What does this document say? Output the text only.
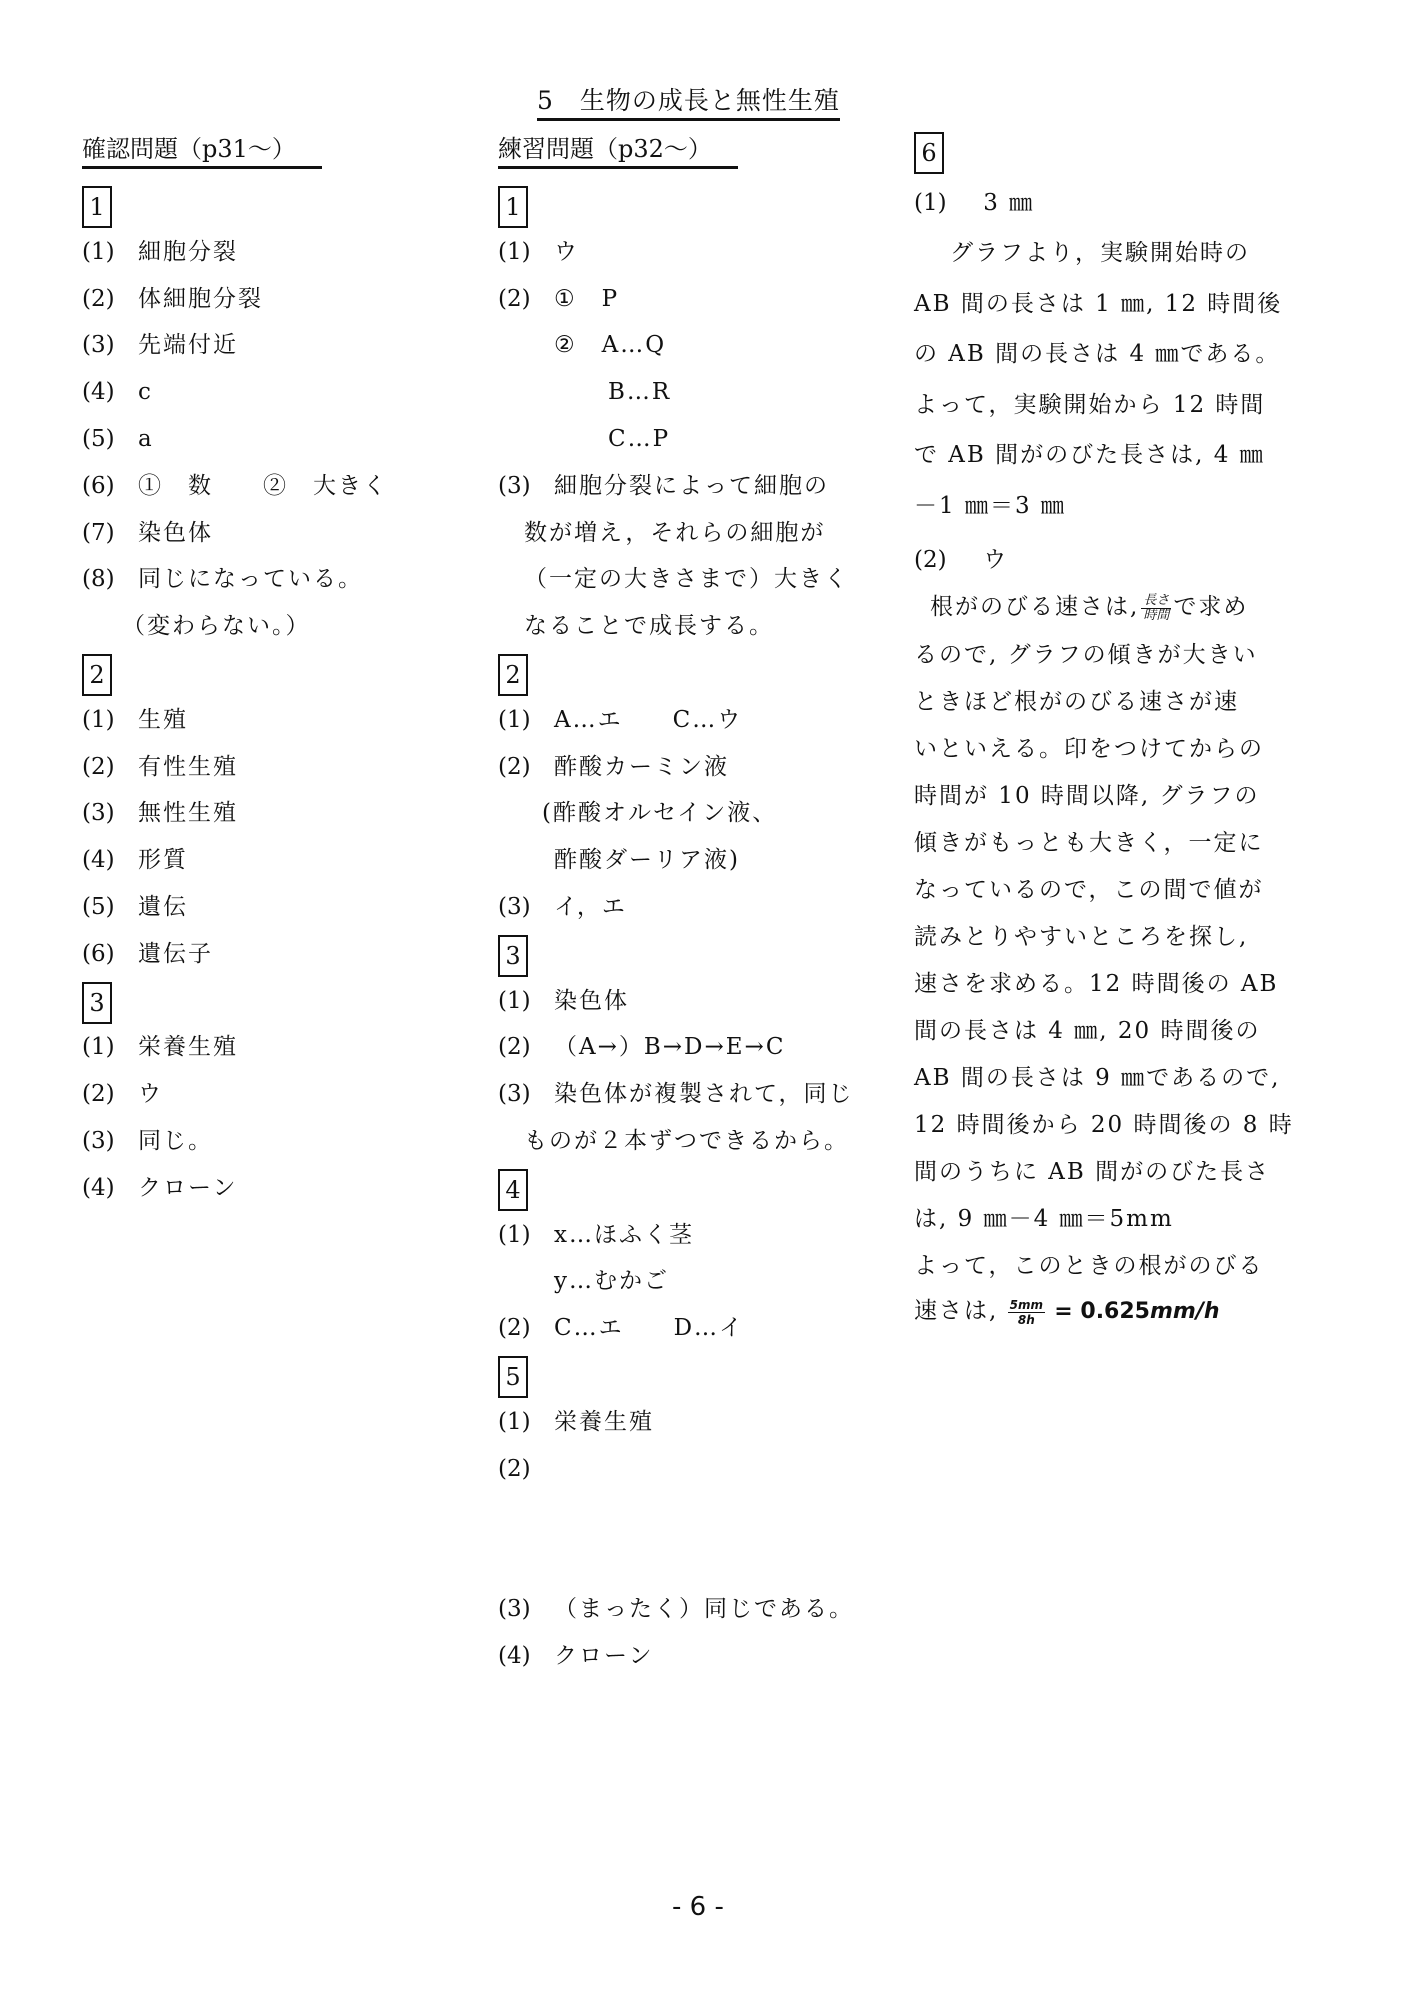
5　生物の成長と無性生殖
確認問題（p31～）
1
(1) 細胞分裂
(2) 体細胞分裂
(3) 先端付近
(4) c
(5) a
(6) ①　数　　②　大きく
(7) 染色体
(8) 同じになっている。
（変わらない。）
2
(1) 生殖
(2) 有性生殖
(3) 無性生殖
(4) 形質
(5) 遺伝
(6) 遺伝子
3
(1) 栄養生殖
(2) ウ
(3) 同じ。
(4) クローン
練習問題（p32～）
1
(1) ウ
(2) ①　P
②　A…Q
B…R
C…P
(3) 細胞分裂によって細胞の
数が増え，それらの細胞が
（一定の大きさまで）大きく
なることで成長する。
2
(1) A…エ　　C…ウ
(2) 酢酸カーミン液
(酢酸オルセイン液、
酢酸ダーリア液)
(3) イ，エ
3
(1) 染色体
(2) （A→）B→D→E→C
(3) 染色体が複製されて，同じ
ものが２本ずつできるから。
4
(1) x…ほふく茎
y…むかご
(2) C…エ　　D…イ
5
(1) 栄養生殖
(2)
(3) （まったく）同じである。
(4) クローン
6
(1) 3 ㎜
グラフより，実験開始時の
AB 間の長さは 1 ㎜, 12 時間後
の AB 間の長さは 4 ㎜である。
よって，実験開始から 12 時間
で AB 間がのびた長さは, 4 ㎜
－1 ㎜＝3 ㎜
(2) ウ
根がのびる速さは, $\frac{\text{長さ}}{\text{時間}}$ で求め
るので, グラフの傾きが大きい
ときほど根がのびる速さが速
いといえる。印をつけてからの
時間が 10 時間以降, グラフの
傾きがもっとも大きく，一定に
なっているので，この間で値が
読みとりやすいところを探し,
速さを求める。12 時間後の AB
間の長さは 4 ㎜, 20 時間後の
AB 間の長さは 9 ㎜であるので,
12 時間後から 20 時間後の 8 時
間のうちに AB 間がのびた長さ
は, 9 ㎜－4 ㎜＝5mm
よって，このときの根がのびる
速さは, $\frac{5mm}{8h} = 0.625mm/h$
- 6 -
